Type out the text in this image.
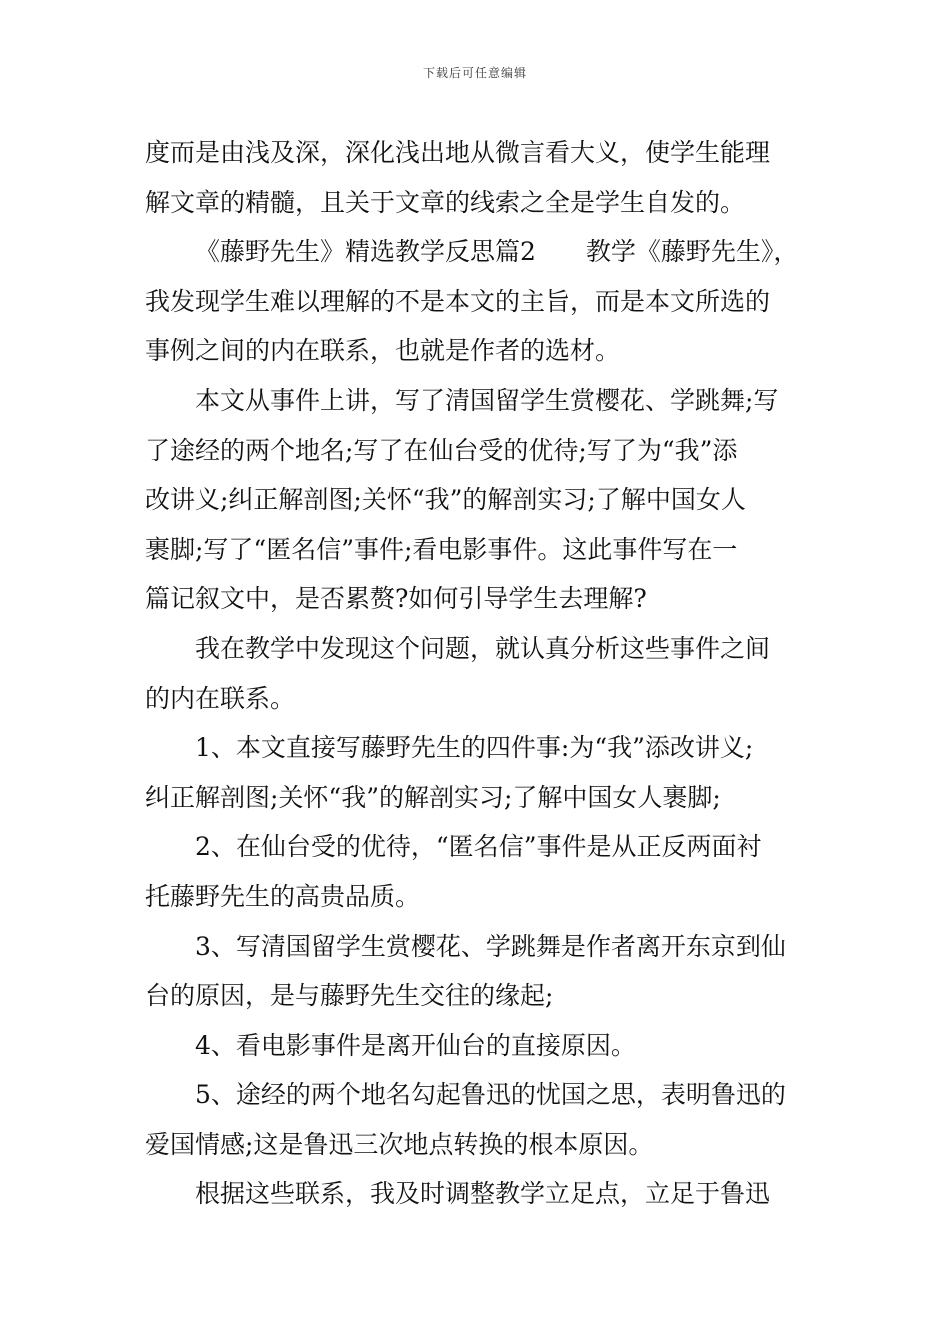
下载后可任意编辑
度而是由浅及深，深化浅出地从微言看大义，使学生能理
解文章的精髓，且关于文章的线索之全是学生自发的。
《藤野先生》精选教学反思篇2　　教学《藤野先生》，
我发现学生难以理解的不是本文的主旨，而是本文所选的
事例之间的内在联系，也就是作者的选材。
本文从事件上讲，写了清国留学生赏樱花、学跳舞;写
了途经的两个地名;写了在仙台受的优待;写了为“我”添
改讲义;纠正解剖图;关怀“我”的解剖实习;了解中国女人
裹脚;写了“匿名信”事件;看电影事件。这此事件写在一
篇记叙文中，是否累赘?如何引导学生去理解?
我在教学中发现这个问题，就认真分析这些事件之间
的内在联系。
1、本文直接写藤野先生的四件事:为“我”添改讲义;
纠正解剖图;关怀“我”的解剖实习;了解中国女人裹脚;
2、在仙台受的优待，“匿名信”事件是从正反两面衬
托藤野先生的高贵品质。
3、写清国留学生赏樱花、学跳舞是作者离开东京到仙
台的原因，是与藤野先生交往的缘起;
4、看电影事件是离开仙台的直接原因。
5、途经的两个地名勾起鲁迅的忧国之思，表明鲁迅的
爱国情感;这是鲁迅三次地点转换的根本原因。
根据这些联系，我及时调整教学立足点，立足于鲁迅
